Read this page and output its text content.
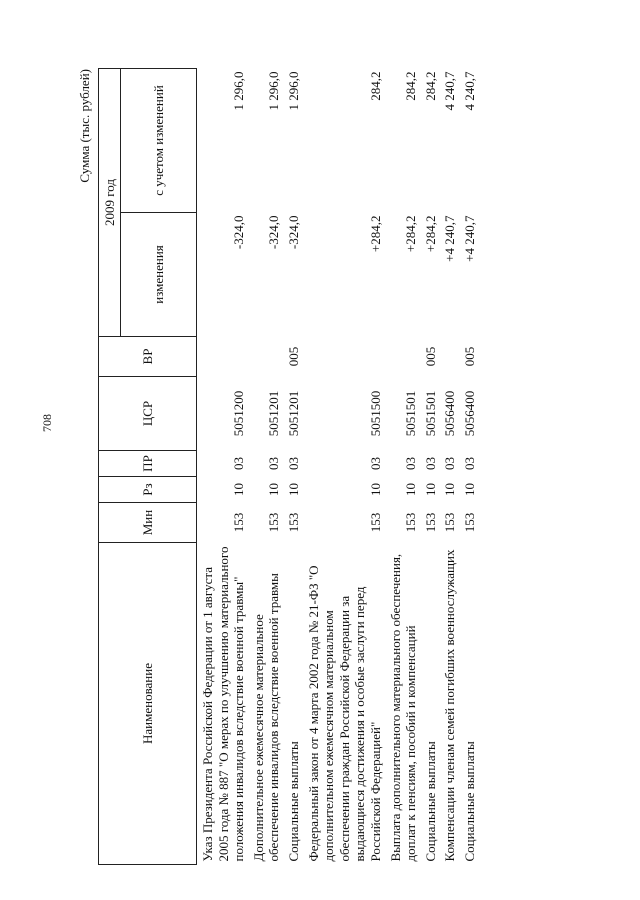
708

Сумма (тыс. рублей)
Наименование	Мин	Рз	ПР	ЦСР	ВР	2009 год	
						изменения	с учетом изменений
Указ Президента Российской Федерации от 1 августа 2005 года № 887 "О мерах по улучшению материального положения инвалидов вследствие военной травмы"	153	10	03	5051200		-324,0	1 296,0
Дополнительное ежемесячное материальное обеспечение инвалидов вследствие военной травмы	153	10	03	5051201		-324,0	1 296,0
Социальные выплаты	153	10	03	5051201	005	-324,0	1 296,0
Федеральный закон от 4 марта 2002 года № 21-ФЗ "О дополнительном ежемесячном материальном обеспечении граждан Российской Федерации за выдающиеся достижения и особые заслуги перед Российской Федерацией"	153	10	03	5051500		+284,2	284,2
Выплата дополнительного материального обеспечения, доплат к пенсиям, пособий и компенсаций	153	10	03	5051501		+284,2	284,2
Социальные выплаты	153	10	03	5051501	005	+284,2	284,2
Компенсации членам семей погибших военнослужащих	153	10	03	5056400		+4 240,7	4 240,7
Социальные выплаты	153	10	03	5056400	005	+4 240,7	4 240,7
